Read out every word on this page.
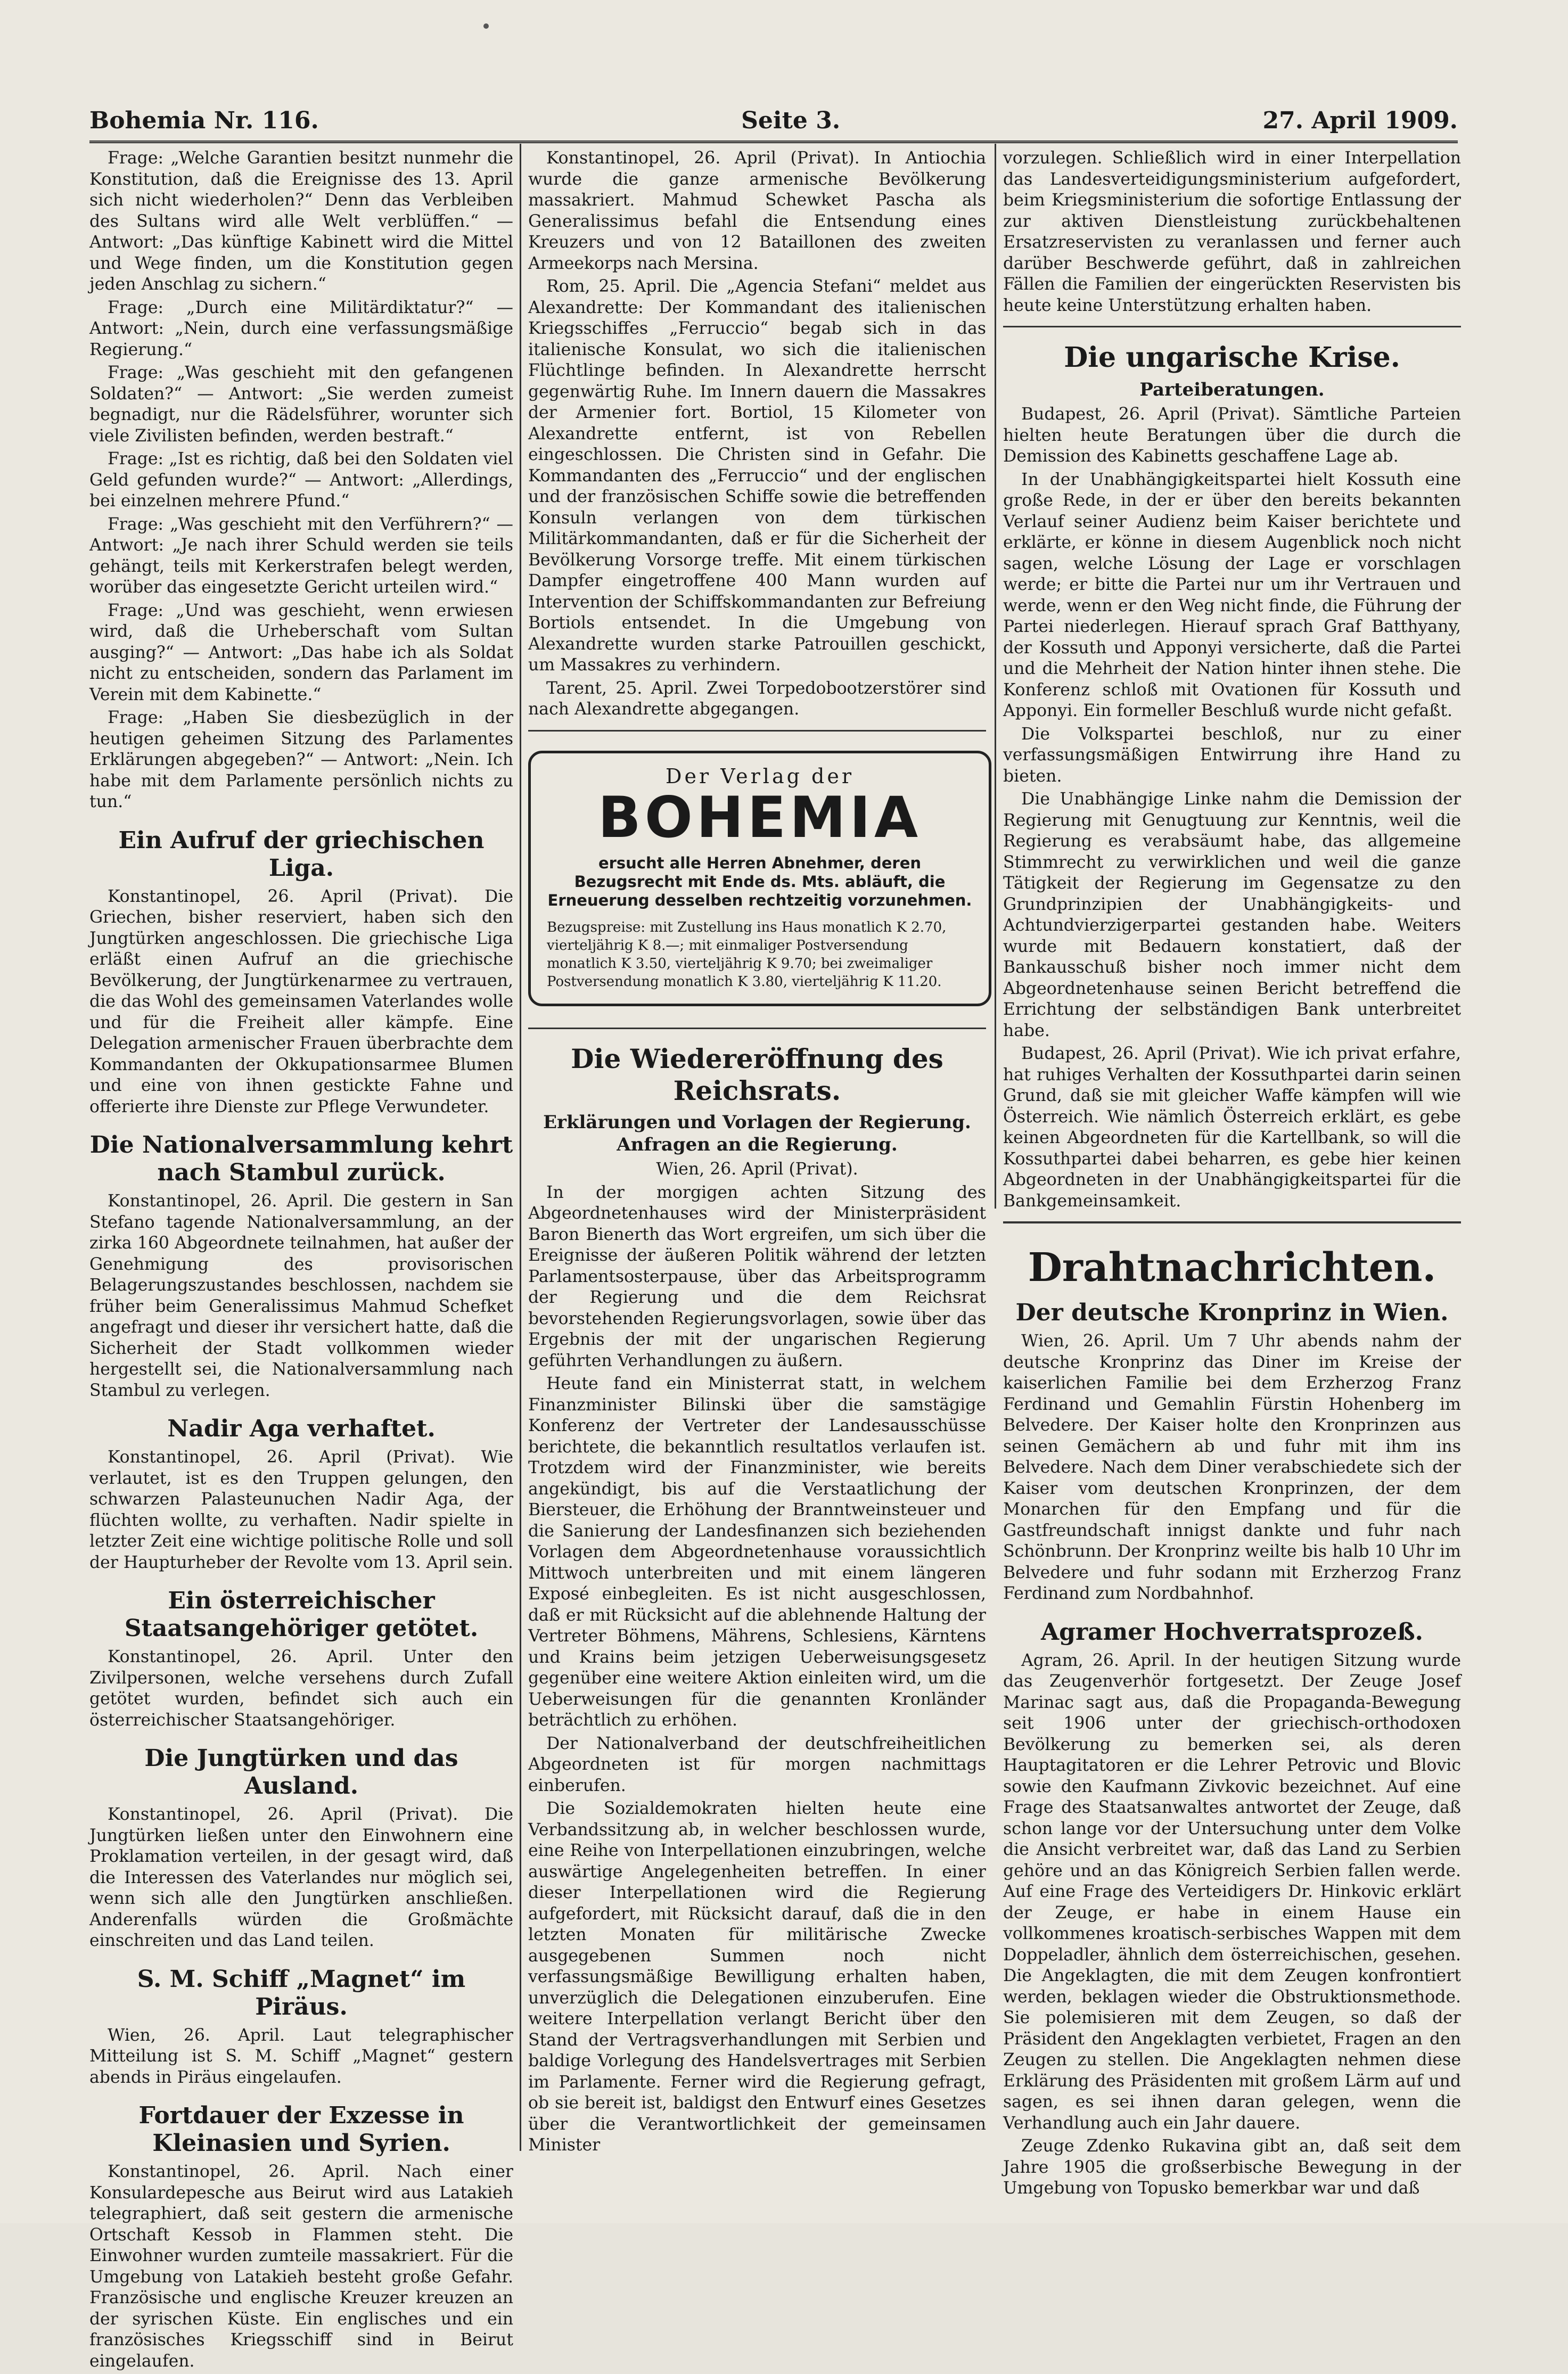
Bohemia Nr. 116.	Seite 3.	27. April 1909.

Frage: „Welche Garantien besitzt nunmehr die Konstitution, daß die Ereignisse des 13. April sich nicht wiederholen?“ Denn das Verbleiben des Sultans wird alle Welt verblüffen.“ — Antwort: „Das künftige Kabinett wird die Mittel und Wege finden, um die Konstitution gegen jeden Anschlag zu sichern.“

Frage: „Durch eine Militärdiktatur?“ — Antwort: „Nein, durch eine verfassungsmäßige Regierung.“

Frage: „Was geschieht mit den gefangenen Soldaten?“ — Antwort: „Sie werden zumeist begnadigt, nur die Rädelsführer, worunter sich viele Zivilisten befinden, werden bestraft.“

Frage: „Ist es richtig, daß bei den Soldaten viel Geld gefunden wurde?“ — Antwort: „Allerdings, bei einzelnen mehrere Pfund.“

Frage: „Was geschieht mit den Verführern?“ — Antwort: „Je nach ihrer Schuld werden sie teils gehängt, teils mit Kerkerstrafen belegt werden, worüber das eingesetzte Gericht urteilen wird.“

Frage: „Und was geschieht, wenn erwiesen wird, daß die Urheberschaft vom Sultan ausging?“ — Antwort: „Das habe ich als Soldat nicht zu entscheiden, sondern das Parlament im Verein mit dem Kabinette.“

Frage: „Haben Sie diesbezüglich in der heutigen geheimen Sitzung des Parlamentes Erklärungen abgegeben?“ — Antwort: „Nein. Ich habe mit dem Parlamente persönlich nichts zu tun.“

Ein Aufruf der griechischen Liga.

Konstantinopel, 26. April (Privat). Die Griechen, bisher reserviert, haben sich den Jungtürken angeschlossen. Die griechische Liga erläßt einen Aufruf an die griechische Bevölkerung, der Jungtürkenarmee zu vertrauen, die das Wohl des gemeinsamen Vaterlandes wolle und für die Freiheit aller kämpfe. Eine Delegation armenischer Frauen überbrachte dem Kommandanten der Okkupationsarmee Blumen und eine von ihnen gestickte Fahne und offerierte ihre Dienste zur Pflege Verwundeter.

Die Nationalversammlung kehrt nach Stambul zurück.

Konstantinopel, 26. April. Die gestern in San Stefano tagende Nationalversammlung, an der zirka 160 Abgeordnete teilnahmen, hat außer der Genehmigung des provisorischen Belagerungszustandes beschlossen, nachdem sie früher beim Generalissimus Mahmud Schefket angefragt und dieser ihr versichert hatte, daß die Sicherheit der Stadt vollkommen wieder hergestellt sei, die Nationalversammlung nach Stambul zu verlegen.

Nadir Aga verhaftet.

Konstantinopel, 26. April (Privat). Wie verlautet, ist es den Truppen gelungen, den schwarzen Palasteunuchen Nadir Aga, der flüchten wollte, zu verhaften. Nadir spielte in letzter Zeit eine wichtige politische Rolle und soll der Haupturheber der Revolte vom 13. April sein.

Ein österreichischer Staatsangehöriger getötet.

Konstantinopel, 26. April. Unter den Zivilpersonen, welche versehens durch Zufall getötet wurden, befindet sich auch ein österreichischer Staatsangehöriger.

Die Jungtürken und das Ausland.

Konstantinopel, 26. April (Privat). Die Jungtürken ließen unter den Einwohnern eine Proklamation verteilen, in der gesagt wird, daß die Interessen des Vaterlandes nur möglich sei, wenn sich alle den Jungtürken anschließen. Anderenfalls würden die Großmächte einschreiten und das Land teilen.

S. M. Schiff „Magnet“ im Piräus.

Wien, 26. April. Laut telegraphischer Mitteilung ist S. M. Schiff „Magnet“ gestern abends in Piräus eingelaufen.

Fortdauer der Exzesse in Kleinasien und Syrien.

Konstantinopel, 26. April. Nach einer Konsulardepesche aus Beirut wird aus Latakieh telegraphiert, daß seit gestern die armenische Ortschaft Kessob in Flammen steht. Die Einwohner wurden zumteile massakriert. Für die Umgebung von Latakieh besteht große Gefahr. Französische und englische Kreuzer kreuzen an der syrischen Küste. Ein englisches und ein französisches Kriegsschiff sind in Beirut eingelaufen.

Konstantinopel, 26. April (Privat). In Antiochia wurde die ganze armenische Bevölkerung massakriert. Mahmud Schewket Pascha als Generalissimus befahl die Entsendung eines Kreuzers und von 12 Bataillonen des zweiten Armeekorps nach Mersina.

Rom, 25. April. Die „Agencia Stefani“ meldet aus Alexandrette: Der Kommandant des italienischen Kriegsschiffes „Ferruccio“ begab sich in das italienische Konsulat, wo sich die italienischen Flüchtlinge befinden. In Alexandrette herrscht gegenwärtig Ruhe. Im Innern dauern die Massakres der Armenier fort. Bortiol, 15 Kilometer von Alexandrette entfernt, ist von Rebellen eingeschlossen. Die Christen sind in Gefahr. Die Kommandanten des „Ferruccio“ und der englischen und der französischen Schiffe sowie die betreffenden Konsuln verlangen von dem türkischen Militärkommandanten, daß er für die Sicherheit der Bevölkerung Vorsorge treffe. Mit einem türkischen Dampfer eingetroffene 400 Mann wurden auf Intervention der Schiffskommandanten zur Befreiung Bortiols entsendet. In die Umgebung von Alexandrette wurden starke Patrouillen geschickt, um Massakres zu verhindern.

Tarent, 25. April. Zwei Torpedobootzerstörer sind nach Alexandrette abgegangen.

Der Verlag der
BOHEMIA
ersucht alle Herren Abnehmer, deren Bezugsrecht mit Ende ds. Mts. abläuft, die Erneuerung desselben rechtzeitig vorzunehmen.
Bezugspreise: mit Zustellung ins Haus monatlich K 2.70, vierteljährig K 8.—; mit einmaliger Postversendung monatlich K 3.50, vierteljährig K 9.70; bei zweimaliger Postversendung monatlich K 3.80, vierteljährig K 11.20.
Die Wiedereröffnung des Reichsrats.
Erklärungen und Vorlagen der Regierung. Anfragen an die Regierung.

Wien, 26. April (Privat).

In der morgigen achten Sitzung des Abgeordnetenhauses wird der Ministerpräsident Baron Bienerth das Wort ergreifen, um sich über die Ereignisse der äußeren Politik während der letzten Parlamentsosterpause, über das Arbeitsprogramm der Regierung und die dem Reichsrat bevorstehenden Regierungsvorlagen, sowie über das Ergebnis der mit der ungarischen Regierung geführten Verhandlungen zu äußern.

Heute fand ein Ministerrat statt, in welchem Finanzminister Bilinski über die samstägige Konferenz der Vertreter der Landesausschüsse berichtete, die bekanntlich resultatlos verlaufen ist. Trotzdem wird der Finanzminister, wie bereits angekündigt, bis auf die Verstaatlichung der Biersteuer, die Erhöhung der Branntweinsteuer und die Sanierung der Landesfinanzen sich beziehenden Vorlagen dem Abgeordnetenhause voraussichtlich Mittwoch unterbreiten und mit einem längeren Exposé einbegleiten. Es ist nicht ausgeschlossen, daß er mit Rücksicht auf die ablehnende Haltung der Vertreter Böhmens, Mährens, Schlesiens, Kärntens und Krains beim jetzigen Ueberweisungsgesetz gegenüber eine weitere Aktion einleiten wird, um die Ueberweisungen für die genannten Kronländer beträchtlich zu erhöhen.

Der Nationalverband der deutschfreiheitlichen Abgeordneten ist für morgen nachmittags einberufen.

Die Sozialdemokraten hielten heute eine Verbandssitzung ab, in welcher beschlossen wurde, eine Reihe von Interpellationen einzubringen, welche auswärtige Angelegenheiten betreffen. In einer dieser Interpellationen wird die Regierung aufgefordert, mit Rücksicht darauf, daß die in den letzten Monaten für militärische Zwecke ausgegebenen Summen noch nicht verfassungsmäßige Bewilligung erhalten haben, unverzüglich die Delegationen einzuberufen. Eine weitere Interpellation verlangt Bericht über den Stand der Vertragsverhandlungen mit Serbien und baldige Vorlegung des Handelsvertrages mit Serbien im Parlamente. Ferner wird die Regierung gefragt, ob sie bereit ist, baldigst den Entwurf eines Gesetzes über die Verantwortlichkeit der gemeinsamen Minister

vorzulegen. Schließlich wird in einer Interpellation das Landesverteidigungsministerium aufgefordert, beim Kriegsministerium die sofortige Entlassung der zur aktiven Dienstleistung zurückbehaltenen Ersatzreservisten zu veranlassen und ferner auch darüber Beschwerde geführt, daß in zahlreichen Fällen die Familien der eingerückten Reservisten bis heute keine Unterstützung erhalten haben.

Die ungarische Krise.
Parteiberatungen.

Budapest, 26. April (Privat). Sämtliche Parteien hielten heute Beratungen über die durch die Demission des Kabinetts geschaffene Lage ab.

In der Unabhängigkeitspartei hielt Kossuth eine große Rede, in der er über den bereits bekannten Verlauf seiner Audienz beim Kaiser berichtete und erklärte, er könne in diesem Augenblick noch nicht sagen, welche Lösung der Lage er vorschlagen werde; er bitte die Partei nur um ihr Vertrauen und werde, wenn er den Weg nicht finde, die Führung der Partei niederlegen. Hierauf sprach Graf Batthyany, der Kossuth und Apponyi versicherte, daß die Partei und die Mehrheit der Nation hinter ihnen stehe. Die Konferenz schloß mit Ovationen für Kossuth und Apponyi. Ein formeller Beschluß wurde nicht gefaßt.

Die Volkspartei beschloß, nur zu einer verfassungsmäßigen Entwirrung ihre Hand zu bieten.

Die Unabhängige Linke nahm die Demission der Regierung mit Genugtuung zur Kenntnis, weil die Regierung es verabsäumt habe, das allgemeine Stimmrecht zu verwirklichen und weil die ganze Tätigkeit der Regierung im Gegensatze zu den Grundprinzipien der Unabhängigkeits- und Achtundvierzigerpartei gestanden habe. Weiters wurde mit Bedauern konstatiert, daß der Bankausschuß bisher noch immer nicht dem Abgeordnetenhause seinen Bericht betreffend die Errichtung der selbständigen Bank unterbreitet habe.

Budapest, 26. April (Privat). Wie ich privat erfahre, hat ruhiges Verhalten der Kossuthpartei darin seinen Grund, daß sie mit gleicher Waffe kämpfen will wie Österreich. Wie nämlich Österreich erklärt, es gebe keinen Abgeordneten für die Kartellbank, so will die Kossuthpartei dabei beharren, es gebe hier keinen Abgeordneten in der Unabhängigkeitspartei für die Bankgemeinsamkeit.

Drahtnachrichten.
Der deutsche Kronprinz in Wien.

Wien, 26. April. Um 7 Uhr abends nahm der deutsche Kronprinz das Diner im Kreise der kaiserlichen Familie bei dem Erzherzog Franz Ferdinand und Gemahlin Fürstin Hohenberg im Belvedere. Der Kaiser holte den Kronprinzen aus seinen Gemächern ab und fuhr mit ihm ins Belvedere. Nach dem Diner verabschiedete sich der Kaiser vom deutschen Kronprinzen, der dem Monarchen für den Empfang und für die Gastfreundschaft innigst dankte und fuhr nach Schönbrunn. Der Kronprinz weilte bis halb 10 Uhr im Belvedere und fuhr sodann mit Erzherzog Franz Ferdinand zum Nordbahnhof.

Agramer Hochverratsprozeß.

Agram, 26. April. In der heutigen Sitzung wurde das Zeugenverhör fortgesetzt. Der Zeuge Josef Marinac sagt aus, daß die Propaganda-Bewegung seit 1906 unter der griechisch-orthodoxen Bevölkerung zu bemerken sei, als deren Hauptagitatoren er die Lehrer Petrovic und Blovic sowie den Kaufmann Zivkovic bezeichnet. Auf eine Frage des Staatsanwaltes antwortet der Zeuge, daß schon lange vor der Untersuchung unter dem Volke die Ansicht verbreitet war, daß das Land zu Serbien gehöre und an das Königreich Serbien fallen werde. Auf eine Frage des Verteidigers Dr. Hinkovic erklärt der Zeuge, er habe in einem Hause ein vollkommenes kroatisch-serbisches Wappen mit dem Doppeladler, ähnlich dem österreichischen, gesehen. Die Angeklagten, die mit dem Zeugen konfrontiert werden, beklagen wieder die Obstruktionsmethode. Sie polemisieren mit dem Zeugen, so daß der Präsident den Angeklagten verbietet, Fragen an den Zeugen zu stellen. Die Angeklagten nehmen diese Erklärung des Präsidenten mit großem Lärm auf und sagen, es sei ihnen daran gelegen, wenn die Verhandlung auch ein Jahr dauere.

Zeuge Zdenko Rukavina gibt an, daß seit dem Jahre 1905 die großserbische Bewegung in der Umgebung von Topusko bemerkbar war und daß
